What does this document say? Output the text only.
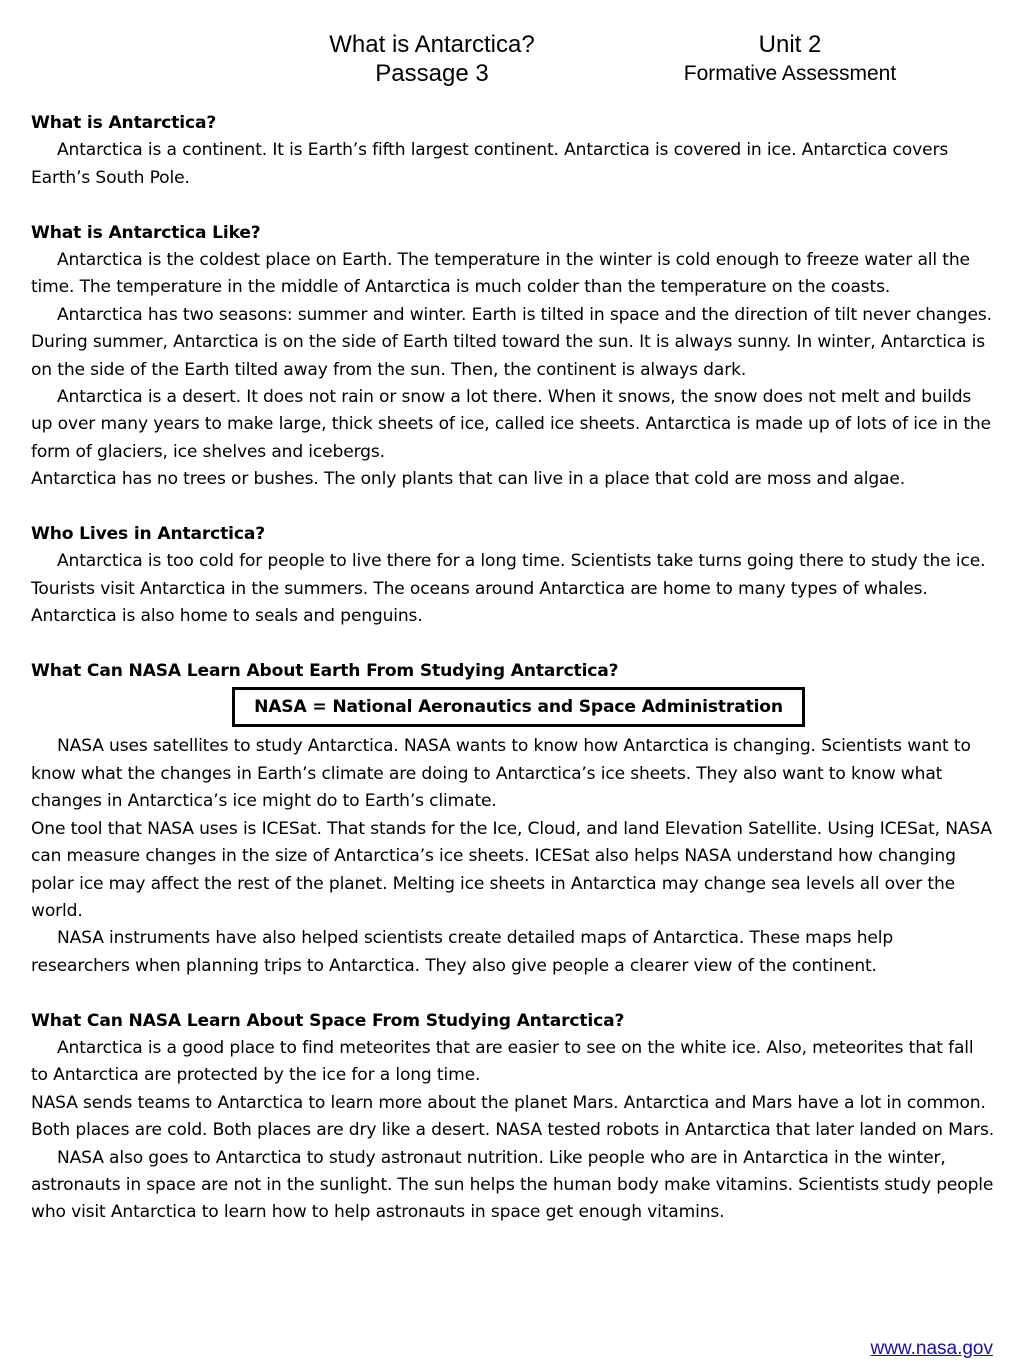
What is Antarctica?
Passage 3
Unit 2
Formative Assessment

What is Antarctica?

Antarctica is a continent. It is Earth’s fifth largest continent. Antarctica is covered in ice. Antarctica covers Earth’s South Pole.

What is Antarctica Like?

Antarctica is the coldest place on Earth. The temperature in the winter is cold enough to freeze water all the time. The temperature in the middle of Antarctica is much colder than the temperature on the coasts.

Antarctica has two seasons: summer and winter. Earth is tilted in space and the direction of tilt never changes. During summer, Antarctica is on the side of Earth tilted toward the sun. It is always sunny. In winter, Antarctica is on the side of the Earth tilted away from the sun. Then, the continent is always dark.

Antarctica is a desert. It does not rain or snow a lot there. When it snows, the snow does not melt and builds up over many years to make large, thick sheets of ice, called ice sheets. Antarctica is made up of lots of ice in the form of glaciers, ice shelves and icebergs.

Antarctica has no trees or bushes. The only plants that can live in a place that cold are moss and algae.

Who Lives in Antarctica?

Antarctica is too cold for people to live there for a long time. Scientists take turns going there to study the ice. Tourists visit Antarctica in the summers. The oceans around Antarctica are home to many types of whales. Antarctica is also home to seals and penguins.

What Can NASA Learn About Earth From Studying Antarctica?

NASA = National Aeronautics and Space Administration

NASA uses satellites to study Antarctica. NASA wants to know how Antarctica is changing. Scientists want to know what the changes in Earth’s climate are doing to Antarctica’s ice sheets. They also want to know what changes in Antarctica’s ice might do to Earth’s climate.

One tool that NASA uses is ICESat. That stands for the Ice, Cloud, and land Elevation Satellite. Using ICESat, NASA can measure changes in the size of Antarctica’s ice sheets. ICESat also helps NASA understand how changing polar ice may affect the rest of the planet. Melting ice sheets in Antarctica may change sea levels all over the world.

NASA instruments have also helped scientists create detailed maps of Antarctica. These maps help researchers when planning trips to Antarctica. They also give people a clearer view of the continent.

What Can NASA Learn About Space From Studying Antarctica?

Antarctica is a good place to find meteorites that are easier to see on the white ice. Also, meteorites that fall to Antarctica are protected by the ice for a long time.

NASA sends teams to Antarctica to learn more about the planet Mars. Antarctica and Mars have a lot in common. Both places are cold. Both places are dry like a desert. NASA tested robots in Antarctica that later landed on Mars.

NASA also goes to Antarctica to study astronaut nutrition. Like people who are in Antarctica in the winter, astronauts in space are not in the sunlight. The sun helps the human body make vitamins. Scientists study people who visit Antarctica to learn how to help astronauts in space get enough vitamins.

www.nasa.gov
